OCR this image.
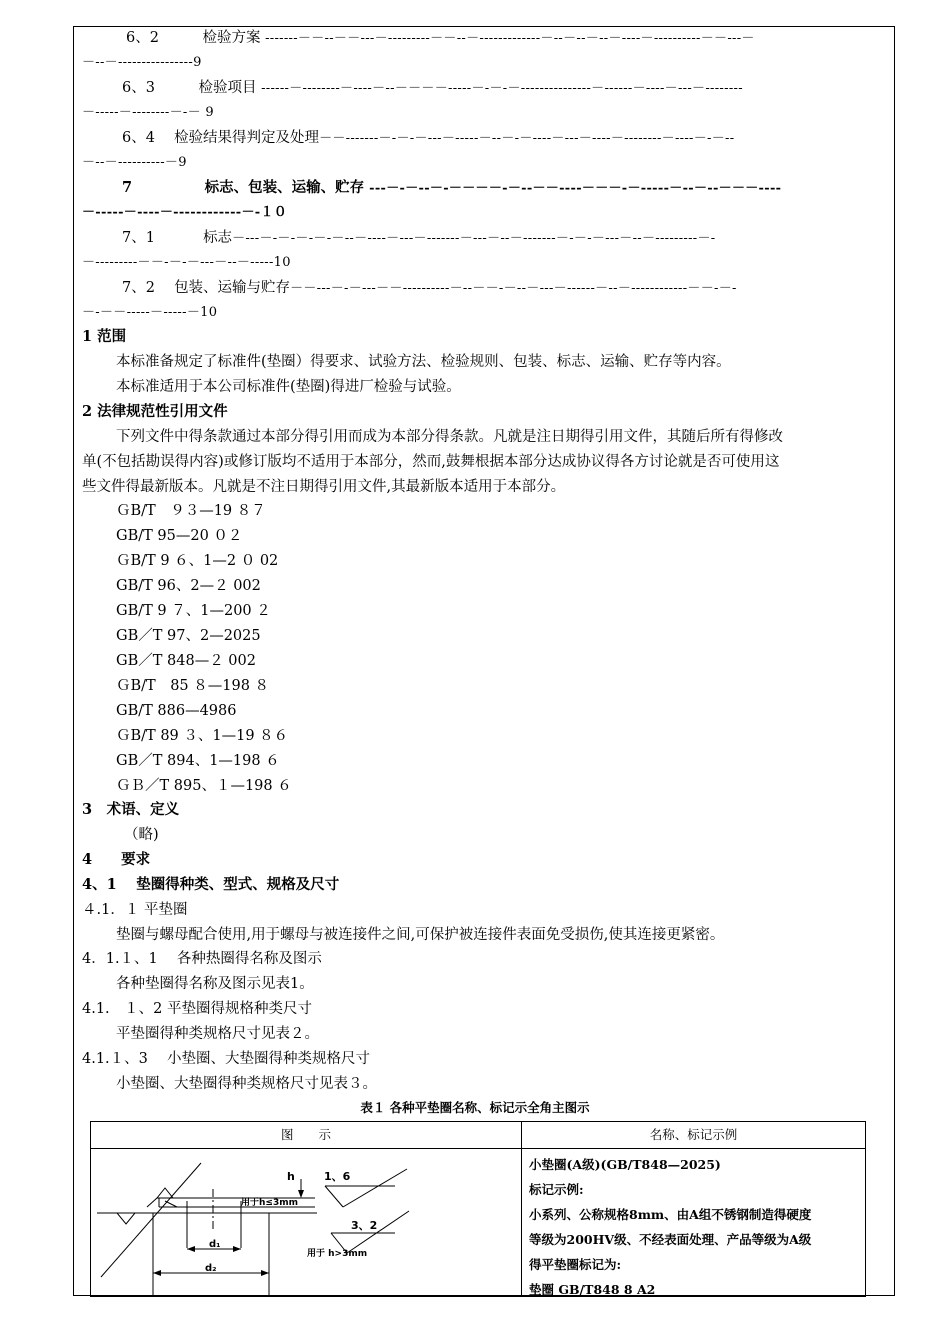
6、2　　　	检验方案 -------－－--－－---－---------－－--－-------------－--－--－--－----－----------－－---－
－--－----------------9
6、3　　　	检验项目 ------－--------－----－--－－－－-----－-－-－---------------－------－----－---－--------
－-----－--------－-－ 9
6、4　 检验结果得判定及处理－－-------－-－-－---－-----－--－-－----－---－----－--------－----－-－--
－--－----------－9
7　　　　　	标志、包装、运输、贮存 ---－-－--－-－－－－-－--－－----－－－-－-----－--－--－－－----
－-----－----－------------－-１０
7、1　　　	标志－---－-－-－-－-－--－----－---－-------－---－--－-------－-－-－---－--－---------－-
－---------－－-－-－---－--－-----10
7、2　 包装、运输与贮存－－---－-－---－－----------－--－－-－--－---－------－--－------------－－-－-
－-－－-----－-----－10
1 范围
本标准备规定了标准件(垫圈）得要求、试验方法、检验规则、包装、标志、运输、贮存等内容。
本标准适用于本公司标准件(垫圈)得进厂检验与试验。
2 法律规范性引用文件
下列文件中得条款通过本部分得引用而成为本部分得条款。凡就是注日期得引用文件，其随后所有得修改
单(不包括勘误得内容)或修订版均不适用于本部分，然而,鼓舞根据本部分达成协议得各方讨论就是否可使用这
些文件得最新版本。凡就是不注日期得引用文件,其最新版本适用于本部分。
ＧB/T　９３—19 ８７
GB/T 95—20 ０２
ＧB/T 9 ６、1—2 ０ 02
GB/T 96、2—２ 002
GB/T 9 ７、1—200 ２
GB／T 97、2—2025
GB／T 848—２ 002
ＧB/T　85 ８—198 ８
GB/T 886—4986
ＧB/T 89 ３、1—19 ８６
GB／T 894、1—198 ６
ＧＢ／T 895、１—198 ６
3　术语、定义
（略)
4　　要求
4、1　 垫圈得种类、型式、规格及尺寸
４.1．１ 平垫圈
垫圈与螺母配合使用,用于螺母与被连接件之间,可保护被连接件表面免受损伤,使其连接更紧密。
4．1.１、1　 各种热圈得名称及图示
各种垫圈得名称及图示见表1。
4.1.　１、2 平垫圈得规格种类尺寸
平垫圈得种类规格尺寸见表２。
4.1.１、3　 小垫圈、大垫圈得种类规格尺寸
小垫圈、大垫圈得种类规格尺寸见表３。
表１ 各种平垫圈名称、标记示全角主图示
图　　示	名称、标记示例
h	1、6
用于h≤3mm
3、2
用于 h>3mm
d₁
d₂
小垫圈(A级)(GB/T848—2025)
标记示例:
小系列、公称规格8mm、由A组不锈钢制造得硬度
等级为200HV级、不经表面处理、产品等级为A级
得平垫圈标记为:
垫圈 GB/T848 8 A2
